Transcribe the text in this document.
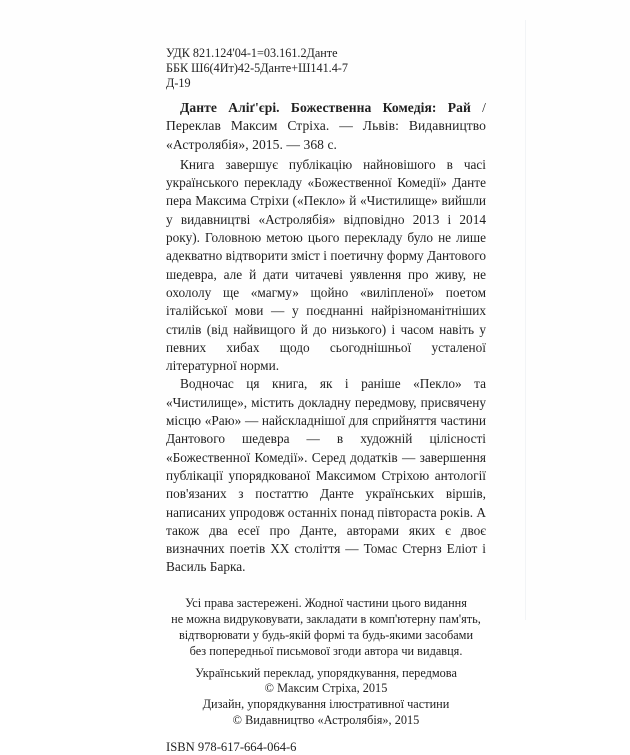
УДК 821.124'04-1=03.161.2Данте
ББК Ш6(4Ит)42-5Данте+Ш141.4-7
Д-19
Данте Аліґ'єрі. Божественна Комедія: Рай / Переклав Максим Стріха. — Львів: Видавництво «Астролябія», 2015. — 368 с.

Книга завершує публікацію найновішого в часі українського перекладу «Божественної Комедії» Данте пера Максима Стріхи («Пекло» й «Чистилище» вийшли у видавництві «Астролябія» відповідно 2013 і 2014 року). Головною метою цього перекладу було не лише адекватно відтворити зміст і поетичну форму Дантового шедевра, але й дати читачеві уявлення про живу, не охололу ще «магму» щойно «виліпленої» поетом італійської мови — у поєднанні найрізноманітніших стилів (від найвищого й до низького) і часом навіть у певних хибах щодо сьогоднішньої усталеної літературної норми.

Водночас ця книга, як і раніше «Пекло» та «Чистилище», містить докладну передмову, присвячену місцю «Раю» — найскладнішої для сприйняття частини Дантового шедевра — в художній цілісності «Божественної Комедії». Серед додатків — завершення публікації упорядкованої Максимом Стріхою антології пов'язаних з постаттю Данте українських віршів, написаних упродовж останніх понад півтораста років. А також два есеї про Данте, авторами яких є двоє визначних поетів XX століття — Томас Стернз Еліот і Василь Барка.

Усі права застережені. Жодної частини цього видання
не можна видруковувати, закладати в комп'ютерну пам'ять,
відтворювати у будь-якій формі та будь-якими засобами
без попередньої письмової згоди автора чи видавця.
Український переклад, упорядкування, передмова
© Максим Стріха, 2015
Дизайн, упорядкування ілюстративної частини
© Видавництво «Астролябія», 2015
ISBN 978-617-664-064-6
